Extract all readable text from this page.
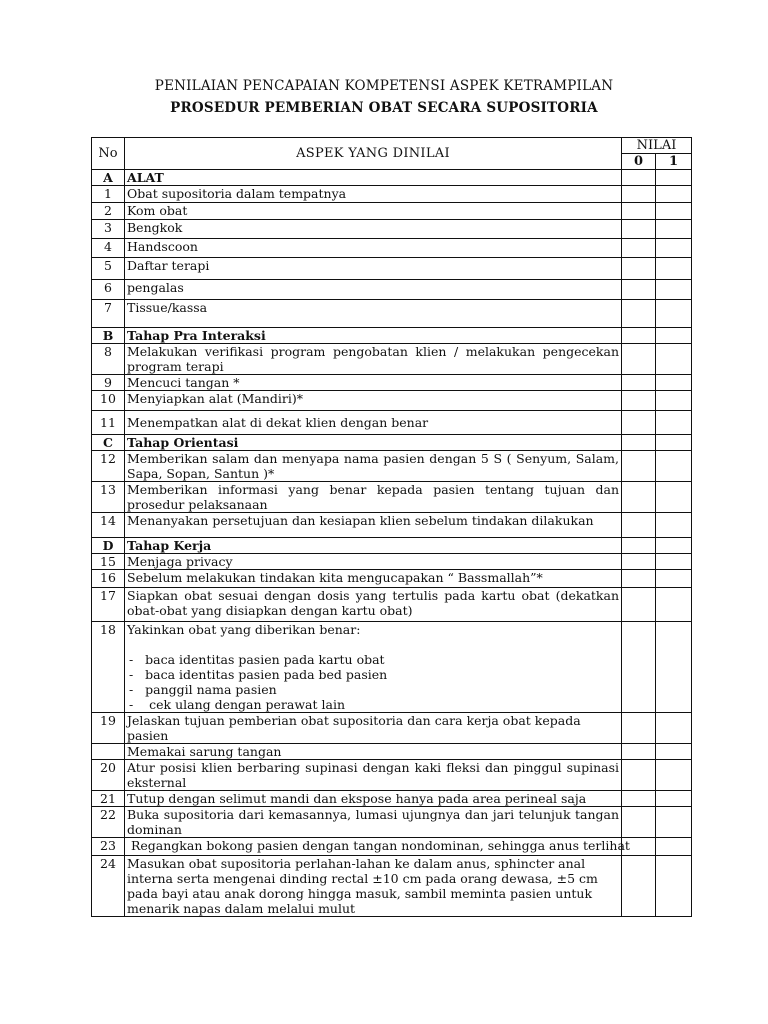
PENILAIAN PENCAPAIAN KOMPETENSI ASPEK KETRAMPILAN
PROSEDUR PEMBERIAN OBAT SECARA SUPOSITORIA
No	ASPEK YANG DINILAI	NILAI	
		0	1
A	ALAT		
1	Obat supositoria dalam tempatnya		
2	Kom obat		
3	Bengkok		
4	Handscoon		
5	Daftar terapi		
6	pengalas		
7	Tissue/kassa		
B	Tahap Pra Interaksi		
8	Melakukan verifikasi program pengobatan klien / melakukan pengecekan program terapi		
9	Mencuci tangan *		
10	Menyiapkan alat (Mandiri)*		
11	Menempatkan alat di dekat klien dengan benar		
C	Tahap Orientasi		
12	Memberikan salam dan menyapa nama pasien dengan 5 S ( Senyum, Salam, Sapa, Sopan, Santun )*		
13	Memberikan informasi yang benar kepada pasien tentang tujuan dan prosedur pelaksanaan		
14	Menanyakan persetujuan dan kesiapan klien sebelum tindakan dilakukan		
D	Tahap Kerja		
15	Menjaga privacy		
16	Sebelum melakukan tindakan kita mengucapakan “ Bassmallah”*		
17	Siapkan obat sesuai dengan dosis yang tertulis pada kartu obat (dekatkan obat-obat yang disiapkan dengan kartu obat)		
18	Yakinkan obat yang diberikan benar:
-   baca identitas pasien pada kartu obat
-   baca identitas pasien pada bed pasien
-   panggil nama pasien
-    cek ulang dengan perawat lain		

19	Jelaskan tujuan pemberian obat supositoria dan cara kerja obat kepada pasien		
	Memakai sarung tangan		
20	Atur posisi klien berbaring supinasi dengan kaki fleksi dan pinggul supinasi eksternal		
21	Tutup dengan selimut mandi dan ekspose hanya pada area perineal saja		
22	Buka supositoria dari kemasannya, lumasi ujungnya dan jari telunjuk tangan dominan		
23	Regangkan bokong pasien dengan tangan nondominan, sehingga anus terlihat		
24	Masukan obat supositoria perlahan-lahan ke dalam anus, sphincter anal interna serta mengenai dinding rectal ±10 cm pada orang dewasa, ±5 cm pada bayi atau anak dorong hingga masuk, sambil meminta pasien untuk menarik napas dalam melalui mulut		
